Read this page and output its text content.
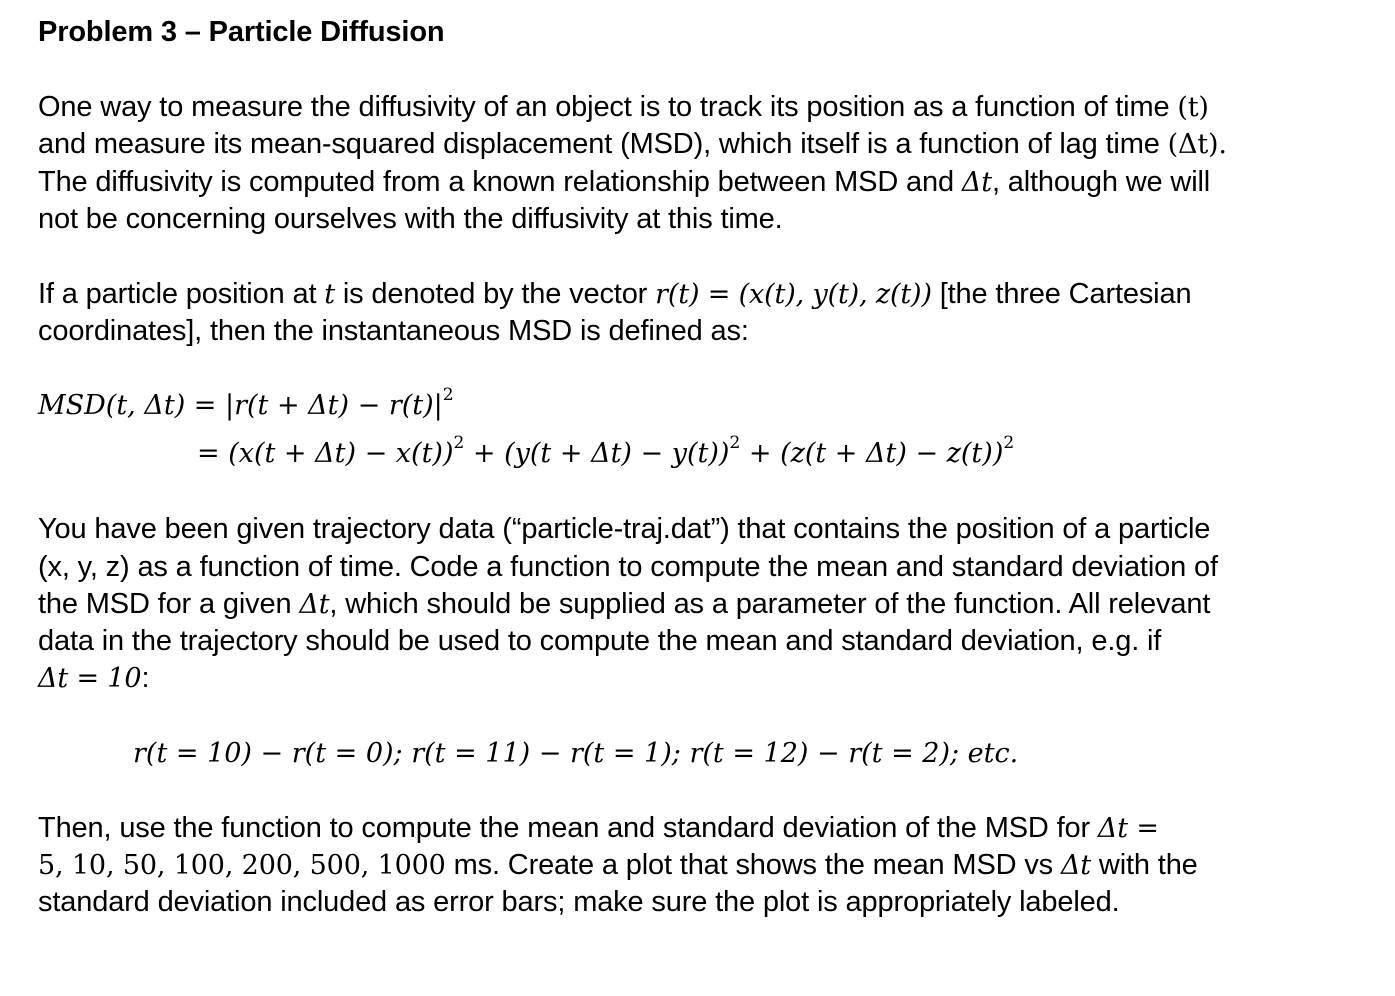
Problem 3 – Particle Diffusion
One way to measure the diffusivity of an object is to track its position as a function of time (t)
and measure its mean-squared displacement (MSD), which itself is a function of lag time (Δt).
The diffusivity is computed from a known relationship between MSD and Δt, although we will
not be concerning ourselves with the diffusivity at this time.
If a particle position at t is denoted by the vector r(t) = (x(t), y(t), z(t)) [the three Cartesian
coordinates], then the instantaneous MSD is defined as:
MSD(t, $\Delta t) = |r(t + \Delta t) - r(t)|^2$
= $(x(t + \Delta t) - x(t))^2 + (y(t + \Delta t) - y(t))^2 + (z(t + \Delta t) - z(t))^2$
You have been given trajectory data (“particle-traj.dat”) that contains the position of a particle
(x, y, z) as a function of time. Code a function to compute the mean and standard deviation of
the MSD for a given Δt, which should be supplied as a parameter of the function. All relevant
data in the trajectory should be used to compute the mean and standard deviation, e.g. if
Δt = 10:
r(t = 10) − r(t = 0); r(t = 11) − r(t = 1); r(t = 12) − r(t = 2); etc.
Then, use the function to compute the mean and standard deviation of the MSD for Δt =
5, 10, 50, 100, 200, 500, 1000 ms. Create a plot that shows the mean MSD vs Δt with the
standard deviation included as error bars; make sure the plot is appropriately labeled.
